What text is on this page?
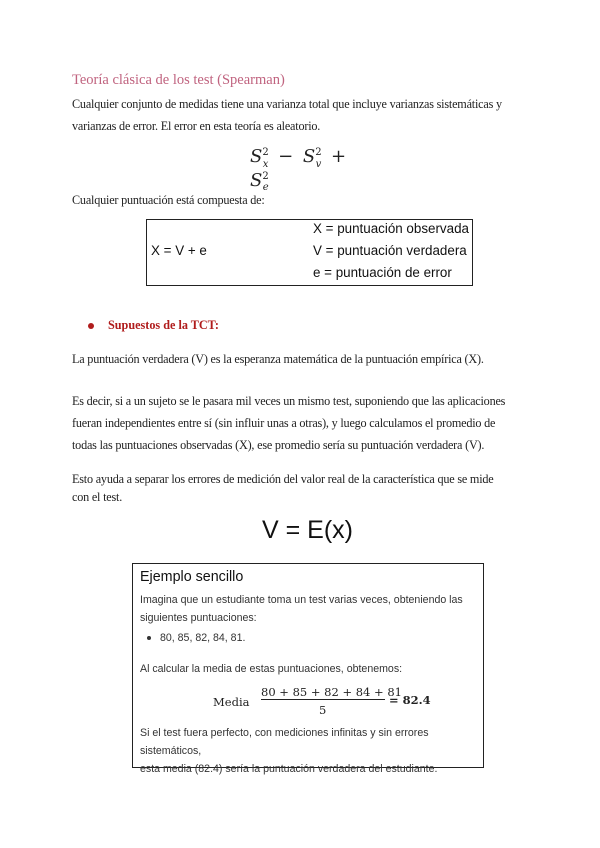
Teoría clásica de los test (Spearman)
Cualquier conjunto de medidas tiene una varianza total que incluye varianzas sistemáticas y
varianzas de error. El error en esta teoría es aleatorio.
$S^2_x - S^2_v + S^2_e$
Cualquier puntuación está compuesta de:
X = V + e
X = puntuación observada
V = puntuación verdadera
e = puntuación de error
Supuestos de la TCT:
La puntuación verdadera (V) es la esperanza matemática de la puntuación empírica (X).
Es decir, si a un sujeto se le pasara mil veces un mismo test, suponiendo que las aplicaciones
fueran independientes entre sí (sin influir unas a otras), y luego calculamos el promedio de
todas las puntuaciones observadas (X), ese promedio sería su puntuación verdadera (V).
Esto ayuda a separar los errores de medición del valor real de la característica que se mide
con el test.
V = E(x)
Ejemplo sencillo
Imagina que un estudiante toma un test varias veces, obteniendo las
siguientes puntuaciones:
80, 85, 82, 84, 81.
Al calcular la media de estas puntuaciones, obtenemos:
Media
80 + 85 + 82 + 84 + 81
5
= 82.4
Si el test fuera perfecto, con mediciones infinitas y sin errores sistemáticos,
esta media (82.4) sería la puntuación verdadera del estudiante.
